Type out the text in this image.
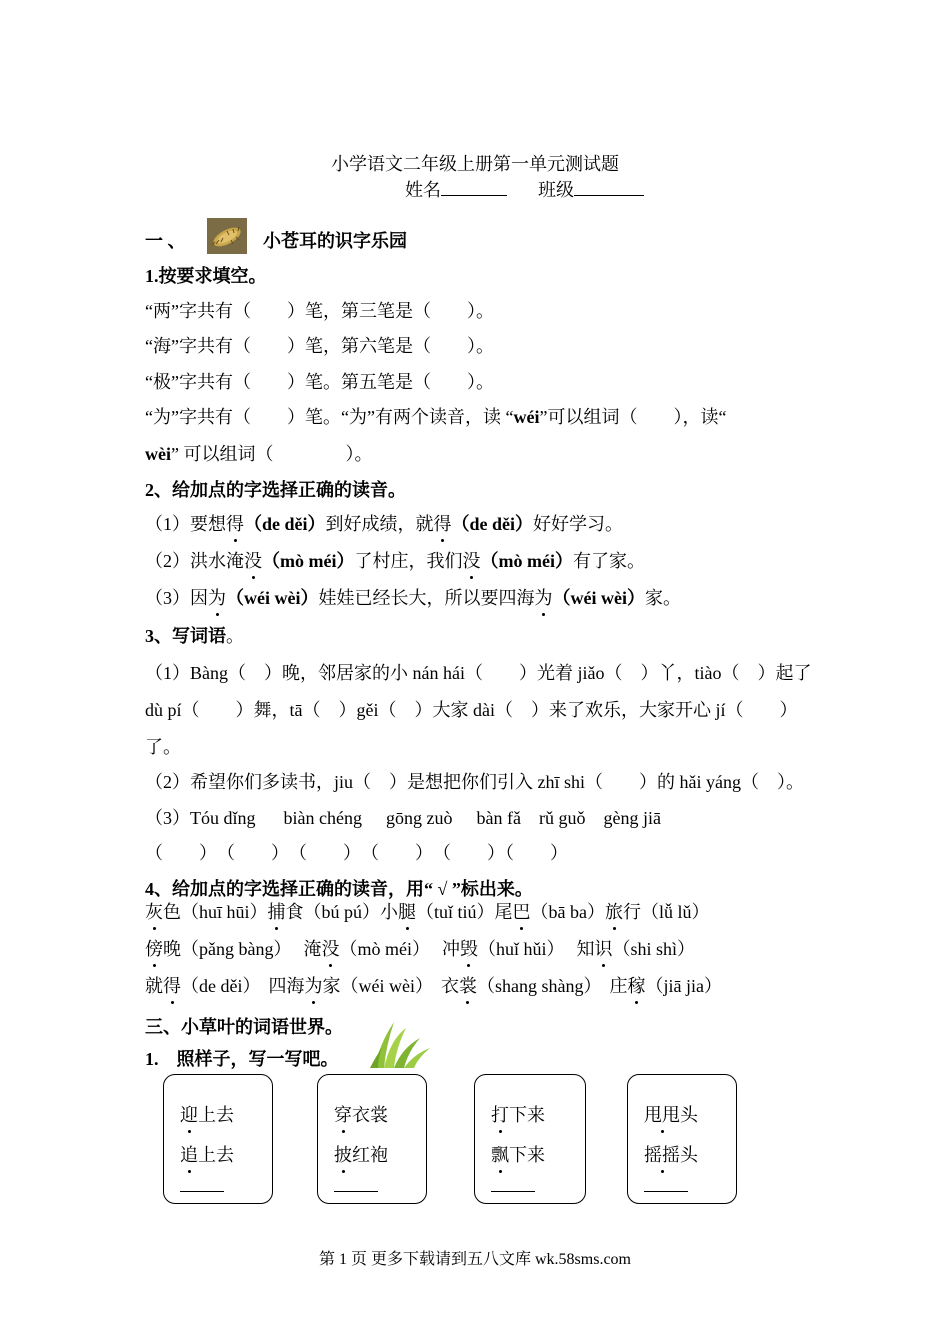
小学语文二年级上册第一单元测试题
姓名	班级
一 、	小苍耳的识字乐园
1.按要求填空。
“两”字共有（　　）笔，第三笔是（　　）。
“海”字共有（　　）笔，第六笔是（　　）。
“极”字共有（　　）笔。第五笔是（　　）。
“为”字共有（　　）笔。“为”有两个读音，读 “wéi”可以组词（　　），读“
wèi” 可以组词（　　　　）。
2、给加点的字选择正确的读音。
（1）要想得（de děi）到好成绩，就得（de děi）好好学习。
（2）洪水淹没（mò méi）了村庄，我们没（mò méi）有了家。
（3）因为（wéi wèi）娃娃已经长大，所以要四海为（wéi wèi）家。
3、写词语。
（1）Bàng（　）晚，邻居家的小 nán hái（　　）光着 jiǎo（　）丫，tiào（　）起了
dù pí（　　）舞，tā（　）gěi（　）大家 dài（　）来了欢乐，大家开心 jí（　　）
了。
（2）希望你们多读书，jiu（　）是想把你们引入 zhī shi（　　）的 hǎi yáng（　）。
（3）Tóu dǐng biàn chéng gōng zuò bàn fǎ rǔ guǒ gèng jiā
（　　）　（　　）　（　　）　（　　）　（　　）（　　）
4、给加点的字选择正确的读音，用“ √ ”标出来。
灰色（huī hūi）捕食（bú pú）小腿（tuǐ tiú）尾巴（bā ba）旅行（lǚ lǔ）
傍晚（pǎng bàng） 淹没（mò méi） 冲毁（huǐ hǔi） 知识（shi shì）
就得（de děi） 四海为家（wéi wèi） 衣裳（shang shàng） 庄稼（jiā jia）
三、小草叶的词语世界。
1.　照样子，写一写吧。
迎上去
追上去
穿衣裳
披红袍
打下来
飘下来
甩甩头
摇摇头
第 1 页 更多下载请到五八文库 wk.58sms.com
